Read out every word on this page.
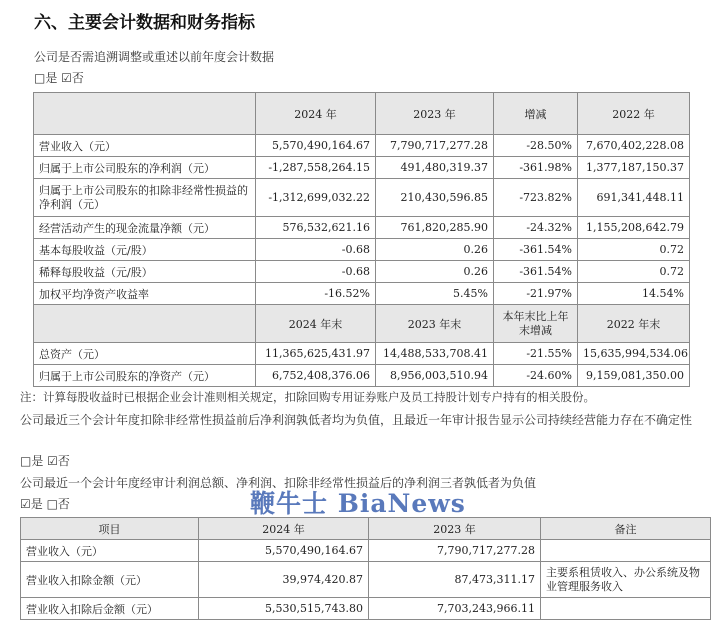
六、主要会计数据和财务指标
公司是否需追溯调整或重述以前年度会计数据
□是 ☑否
	2024 年	2023 年	增减	2022 年
营业收入（元）	5,570,490,164.67	7,790,717,277.28	-28.50%	7,670,402,228.08
归属于上市公司股东的净利润（元）	-1,287,558,264.15	491,480,319.37	-361.98%	1,377,187,150.37
归属于上市公司股东的扣除非经常性损益的净利润（元）	-1,312,699,032.22	210,430,596.85	-723.82%	691,341,448.11
经营活动产生的现金流量净额（元）	576,532,621.16	761,820,285.90	-24.32%	1,155,208,642.79
基本每股收益（元/股）	-0.68	0.26	-361.54%	0.72
稀释每股收益（元/股）	-0.68	0.26	-361.54%	0.72
加权平均净资产收益率	-16.52%	5.45%	-21.97%	14.54%
	2024 年末	2023 年末	本年末比上年末增减	2022 年末
总资产（元）	11,365,625,431.97	14,488,533,708.41	-21.55%	15,635,994,534.06
归属于上市公司股东的净资产（元）	6,752,408,376.06	8,956,003,510.94	-24.60%	9,159,081,350.00
注：计算每股收益时已根据企业会计准则相关规定，扣除回购专用证券账户及员工持股计划专户持有的相关股份。
公司最近三个会计年度扣除非经常性损益前后净利润孰低者均为负值，且最近一年审计报告显示公司持续经营能力存在不确定性
□是 ☑否
公司最近一个会计年度经审计利润总额、净利润、扣除非经常性损益后的净利润三者孰低者为负值
☑是 □否	鞭牛士 BiaNews
项目	2024 年	2023 年	备注
营业收入（元）	5,570,490,164.67	7,790,717,277.28	
营业收入扣除金额（元）	39,974,420.87	87,473,311.17	主要系租赁收入、办公系统及物业管理服务收入
营业收入扣除后金额（元）	5,530,515,743.80	7,703,243,966.11	
